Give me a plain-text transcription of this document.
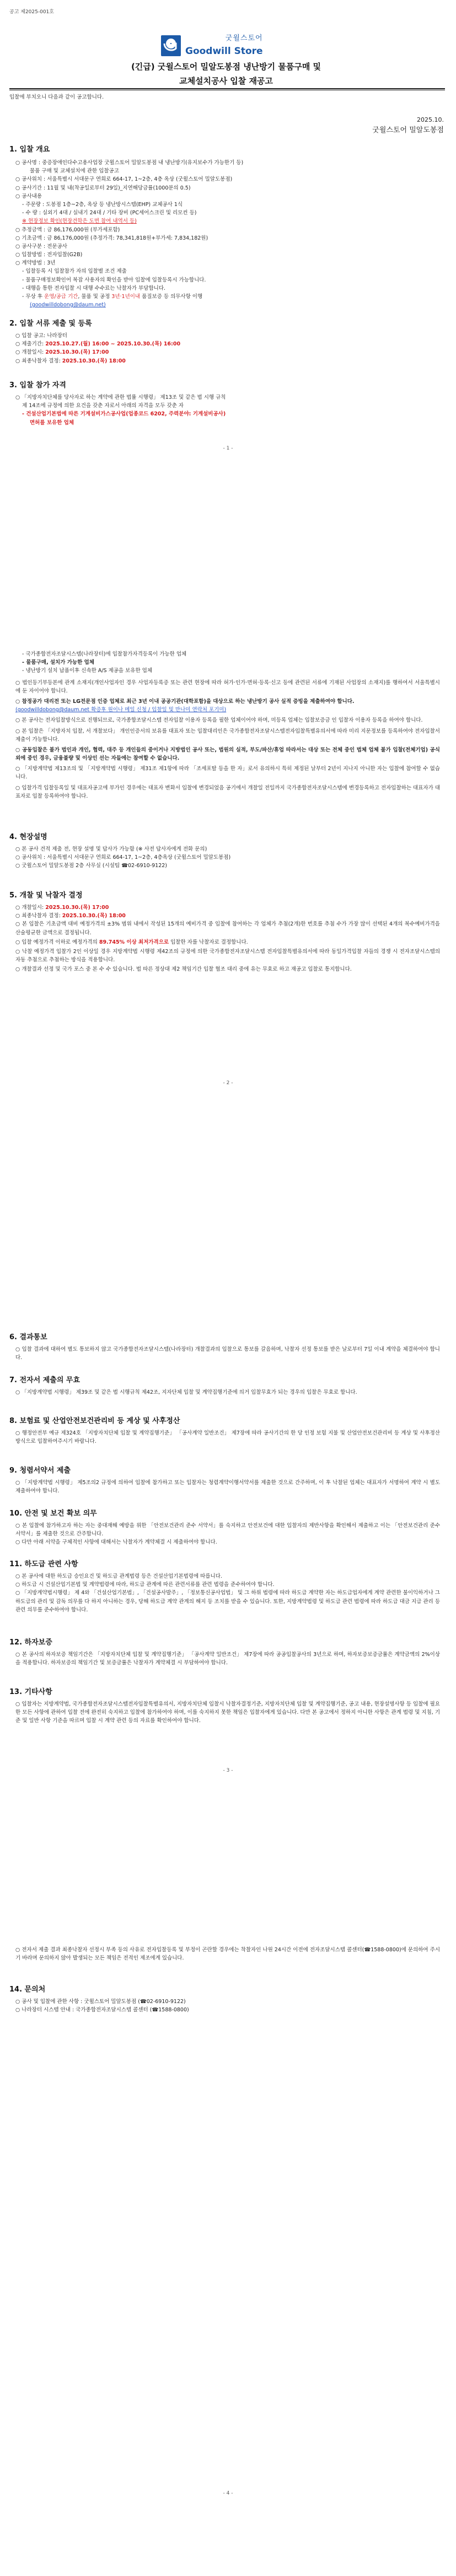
공고 제2025-001호
굿윌스토어
Goodwill Store
(긴급) 굿윌스토어 밀알도봉점 냉난방기 물품구매 및
교체설치공사 입찰 재공고
입찰에 부치오니 다음과 같이 공고합니다.
2025.10.
굿윌스토어 밀알도봉점
1. 입찰 개요
○ 공사명 : 중증장애인다수고용사업장 굿윌스토어 밀알도봉점 내 냉난방기(유지보수가 가능한기 등)
물품 구매 및 교체설치에 관한 입찰공고
○ 공사위치 : 서울특별시 서대문구 연희로 664-17, 1~2층, 4층 옥상 (굿윌스토어 밀알도봉점)
○ 공사기간 : 11월 및 내(착공일로부터 29일)_지연해당금률(1000분의 0.5)
○ 공사내용
- 주문량 : 도봉점 1층~2층, 옥상 등 냉난방시스템(EHP) 교체공사 1식
- 수 량 : 실외기 4대 / 실내기 24대 / 기타 장비 (PC세어스크린 및 리모컨 등)
※ 현장정보 확인(현장견학은 도면 참여 내역서 등)
○ 추정금액 : 금 86,176,000원 (부가세포함)
○ 기초금액 : 금 86,176,000원 (추정가격: 78,341,818원+부가세: 7,834,182원)
○ 공사구분 : 전문공사
○ 입찰방법 : 전자입찰(G2B)
○ 계약방법 : 3년
- 입찰등록 시 입찰참가 자의 입찰별 조건 제출
- 물품구매정보확인어 복잡 사용자의 확인을 받아 입찰에 입찰등록시 가능합니다.
- 대행을 통한 전자입찰 시 대행 수수료는 낙찰자가 부담합니다.
- 무상 후 운영/공급 기간, 물품 및 공정 3년·1년이내 품질보증 등 의무사항 이행
(goodwilldobong@daum.net)
2. 입찰 서류 제출 및 등록
○ 입찰 공고: 나라장터
○ 제출기간: 2025.10.27.(월) 16:00 ~ 2025.10.30.(목) 16:00
○ 개찰일시: 2025.10.30.(목) 17:00
○ 최종낙찰자 결정: 2025.10.30.(목) 18:00
3. 입찰 참가 자격
○ 「지방자치단체를 당사자로 하는 계약에 관한 법률 시행령」 제13조 및 같은 법 시행 규칙
제 14조에 규정에 의한 요건을 갖춘 자로서 아래의 자격을 모두 갖춘 자
- 건설산업기본법에 따른 기계설비가스공사업(업종코드 6202, 주력분야: 기계설비공사)
면허를 보유한 업체
- 1 -
- 국가종합전자조달시스템(나라장터)에 입찰참가자격등록이 가능한 업체
- 물품구매, 설치가 가능한 업체
- 냉난방기 설치 납품이후 신속한 A/S 제공을 보유한 업체
○ 법인등기부등본에 관계 소재지(개인사업자인 경우 사업자등록증 또는 관련 현장에 따라 허가·인가·면허·등록·신고 등에 관련된 서류에 기재된 사업장의 소재지)를 행하여서 서울특별시에 둔 자이어야 합니다.
○ 참정공가 대리전 또는 LG전문점 인증 업체로 최근 3년 이내 공공기관(대학포함)을 대상으로 하는 냉난방기 공사 실적 증빙을 제출하여야 합니다.
(goodwilldobong@daum.net 확증후 원이나 메일 신청 / 입찰일 및 만나미 연락처 포기미)
○ 본 공사는 전자입찰방식으로 진행되므로, 국가종합조달시스템 전자입찰 이용자 등록을 필한 업체이어야 하며, 미등록 업체는 입찰보증금 인 입찰자 이용자 등록을 하여야 합니다.
○ 본 입찰은 「지방자치 입찰, 서 개찰보다」 개인인증서의 보유를 대표자 또는 입찰대리인은 국가종합전자조달시스템전자입찰특별유의서에 따라 미리 지문정보를 등록하여야 전자입찰서 제출이 가능합니다.
○ 공동입찰은 불가 법인과 개인, 협력, 대주 등 개인들의 중이거나 지방법인 공사 또는, 법원의 실적, 부도/파산/휴업 따라서는 대상 또는 전체 중인 법체 업체 불가 입찰(전체기업) 공식 외에 중인 경우, 금융불량 및 이상인 선는 자들에는 참여할 수 없습니다.
○ 「지방계약법 제13조의 및 「지방계약법 시행령」 제31조 제1항에 따라 「조세포탈 등을 한 자」로서 유의하시 특히 제정된 날부터 2년이 지나지 아니한 자는 입찰에 참여할 수 없습니다.
○ 입찰가격 입찰등록일 및 대표자공고에 부가인 경우에는 대표자 변화서 입찰에 변경되었음 공기에서 개찰일 전일까지 국가종합전자조달시스템에 변경등록하고 전자입찰하는 대표자가 대표자로 입찰 등록하여야 합니다.
4. 현장설명
○ 본 공사 견적 제출 전, 현장 설명 및 답사가 가능함 (※ 사전 답사자에게 전화 문의)
○ 공사위치 : 서울특별시 서대문구 연희로 664-17, 1~2층, 4층옥상 (굿윌스토어 밀알도봉점)
○ 굿윌스토어 밀알도봉점 2층 사무실 (시설팀 ☎02-6910-9122)
5. 개찰 및 낙찰자 결정
○ 개찰일시: 2025.10.30.(목) 17:00
○ 최종낙찰자 결정: 2025.10.30.(목) 18:00
○ 본 입찰은 기초금액 대비 예정가격의 ±3% 범위 내에서 작성된 15개의 예비가격 중 입찰에 참여하는 각 업체가 추첨(2개)한 번호를 추첨 수가 가장 많이 선택된 4개의 복수예비가격을 산술평균한 금액으로 결정됩니다.
○ 입찰 예정가격 이하로 예정가격의 89.745% 이상 최저가격으로 입찰한 자를 낙찰자로 결정합니다.
○ 낙찰 예정가격 입찰가 2인 이상일 경우 지방계약법 시행령 제42조의 규정에 의한 국가종합전자조달시스템 전자입찰특별유의서에 따라 동일가격입찰 자들의 경쟁 시 전자조달시스템의 자동 추첨으로 추첨하는 방식을 적용합니다.
○ 개찰결과 선정 및 국가 포스 중 본 수 수 있습니다. 법 따른 정상대 제2 책임기간 입찰 협조 대리 중에 유는 무효로 하고 재공고 입찰로 통지합니다.
- 2 -
6. 결과통보
○ 입찰 결과에 대하여 별도 통보하지 않고 국가종합전자조달시스템(나라장터) 개찰결과의 입찰으로 통보를 갈음하며, 낙찰자 선정 통보를 받은 날로부터 7일 이내 계약을 체결하여야 합니다.
7. 전자서 제출의 무효
○ 「지방계약법 시행령」 제39조 및 같은 법 시행규칙 제42조, 지자단체 입찰 및 계약집행기준에 의거 입찰무효가 되는 경우의 입찰은 무효로 합니다.
8. 보험료 및 산업안전보건관리비 등 계상 및 사후정산
○ 행정안전부 예규 제324호 「지방자치단체 입찰 및 계약집행기준」 「공사계약 일반조건」 제7장에 따라 공사기간의 한 당 인정 보험 지불 및 산업안전보건관리비 등 계상 및 사후정산 방식으로 입찰하여주시기 바랍니다.
9. 청렴서약서 제출
○ 「지방계약법 시행령」 제5조의2 규정에 의하여 입찰에 참가하고 또는 입찰자는 청렴계약이행서약서를 제출한 것으로 간주하며, 이 후 낙찰된 업체는 대표자가 서명하여 계약 시 별도 제출하여야 합니다.
10. 안전 및 보건 확보 의무
○ 본 입찰에 참가하고자 하는 자는 중대재해 예방을 위한 「안전보건관리 준수 서약서」를 숙지하고 안전보건에 대한 입찰자의 제반사항을 확인해서 제출하고 이는 「안전보건관리 준수 서약서」를 제출한 것으로 간주합니다.
○ 다만 아래 서약을 구체적인 사항에 대해서는 낙찰자가 계약체결 시 제출하여야 합니다.
11. 하도급 관련 사항
○ 본 공사에 대한 하도급 승인요건 및 하도급 관계법령 등은 건설산업기본법령에 따릅니다.
○ 하도급 시 건설산업기본법 및 계약법령에 따라, 하도급 관계에 따른 관련서류를 관련 법령을 준수하여야 합니다.
○ 「지방계약법시행령」 제 4와 「건설산업기본법」, 「건설공사발주」, 「정보통신공사업법」 및 그 하위 법령에 따라 하도급 계약한 자는 하도급업자에게 계약 관련한 불이익하거나 그 하도급의 관리 및 감독 의무를 다 하지 아니하는 경우, 당해 하도급 계약 관계의 해지 등 조치를 받을 수 있습니다. 또한, 지방계약법령 및 하도급 관련 법령에 따라 하도급 대금 지급 관리 등 관련 의무를 준수하여야 합니다.
12. 하자보증
○ 본 공사의 하자보증 책임기간은 「지방자치단체 입찰 및 계약집행기준」 「공사계약 일반조건」 제7장에 따라 공공입찰공사의 3년으로 하며, 하자보증보증금률은 계약금액의 2%이상을 적용합니다. 하자보증의 책임기간 및 보증금률은 낙찰자가 계약체결 시 부담하여야 합니다.
13. 기타사항
○ 입찰자는 지방계약법, 국가종합전자조달시스템전자입찰특별유의서, 지방자치단체 입찰시 낙찰자결정기준, 지방자치단체 입찰 및 계약집행기준, 공고 내용, 현장설명사항 등 입찰에 필요한 모든 사항에 관하여 입찰 전에 완전히 숙지하고 입찰에 참가하여야 하며, 이를 숙지하지 못한 책임은 입찰자에게 있습니다. 다만 본 공고에서 정하지 아니한 사항은 관계 법령 및 지침, 기준 및 일반 사항 기준을 따르며 입찰 시 계약 관련 등의 자료를 확인하여야 합니다.
- 3 -
○ 전자서 제출 결과 최종낙찰자 선정시 부족 등의 사유로 전자입찰등록 및 부정이 곤란할 경우에는 착찰자인 나원 24시간 이전에 전자조달시스템 콜센터(☎1588-0800)에 문의하여 주시기 바라며 문의하지 않아 발생되는 모든 책임은 전적인 제조에게 있습니다.
14. 문의처
○ 공사 및 입찰에 관한 사항 : 굿윌스토어 밀알도봉점 (☎02-6910-9122)
○ 나라장터 시스템 안내 : 국가종합전자조달시스템 콜센터 (☎1588-0800)
- 4 -
